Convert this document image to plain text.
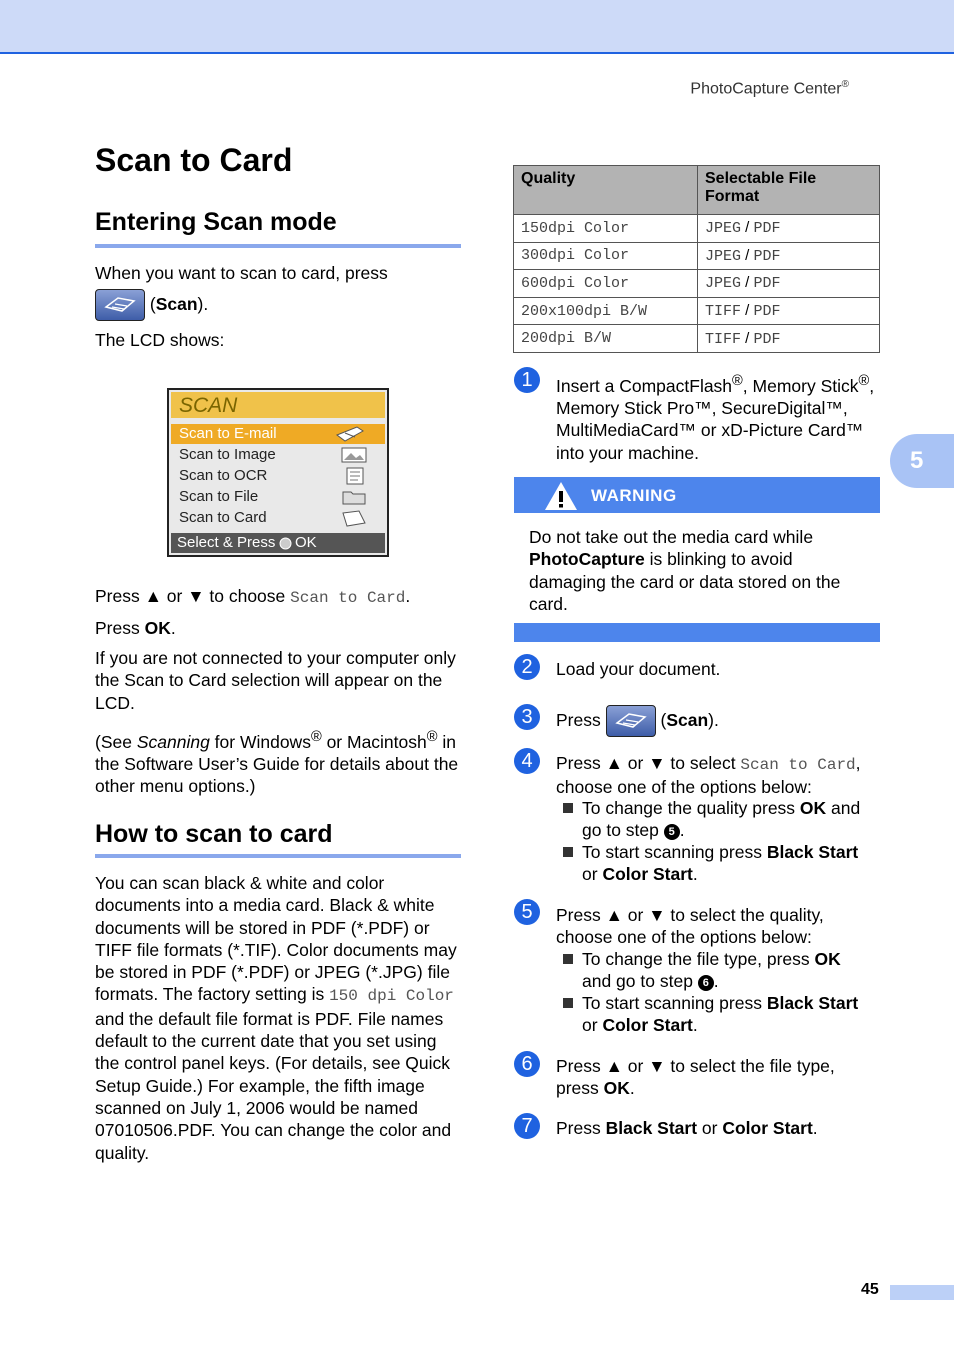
PhotoCapture Center®
5
Scan to Card
Entering Scan mode
When you want to scan to card, press
(Scan).
The LCD shows:
SCAN
Scan to E-mail
Scan to Image
Scan to OCR
Scan to File
Scan to Card
Select & Press OK
Press ▲ or ▼ to choose Scan to Card.
Press OK.
If you are not connected to your computer only the Scan to Card selection will appear on the LCD.
(See Scanning for Windows® or Macintosh® in the Software User’s Guide for details about the other menu options.)
How to scan to card
You can scan black & white and color documents into a media card. Black & white documents will be stored in PDF (*.PDF) or TIFF file formats (*.TIF). Color documents may be stored in PDF (*.PDF) or JPEG (*.JPG) file formats. The factory setting is 150 dpi Color and the default file format is PDF. File names default to the current date that you set using the control panel keys. (For details, see Quick Setup Guide.) For example, the fifth image scanned on July 1, 2006 would be named 07010506.PDF. You can change the color and quality.
Quality	Selectable File Format
150dpi Color	JPEG / PDF
300dpi Color	JPEG / PDF
600dpi Color	JPEG / PDF
200x100dpi B/W	TIFF / PDF
200dpi B/W	TIFF / PDF
1	Insert a CompactFlash®, Memory Stick®, Memory Stick Pro™, SecureDigital™, MultiMediaCard™ or xD-Picture Card™ into your machine.
WARNING
Do not take out the media card while PhotoCapture is blinking to avoid damaging the card or data stored on the card.
2	Load your document.
3	Press	(Scan).
4	Press ▲ or ▼ to select Scan to Card,
choose one of the options below:
To change the quality press OK and
go to step 5 .
To start scanning press Black Start
or Color Start.
5	Press ▲ or ▼ to select the quality,
choose one of the options below:
To change the file type, press OK
and go to step 6 .
To start scanning press Black Start
or Color Start.
6	Press ▲ or ▼ to select the file type,
press OK.
7	Press Black Start or Color Start.
45
